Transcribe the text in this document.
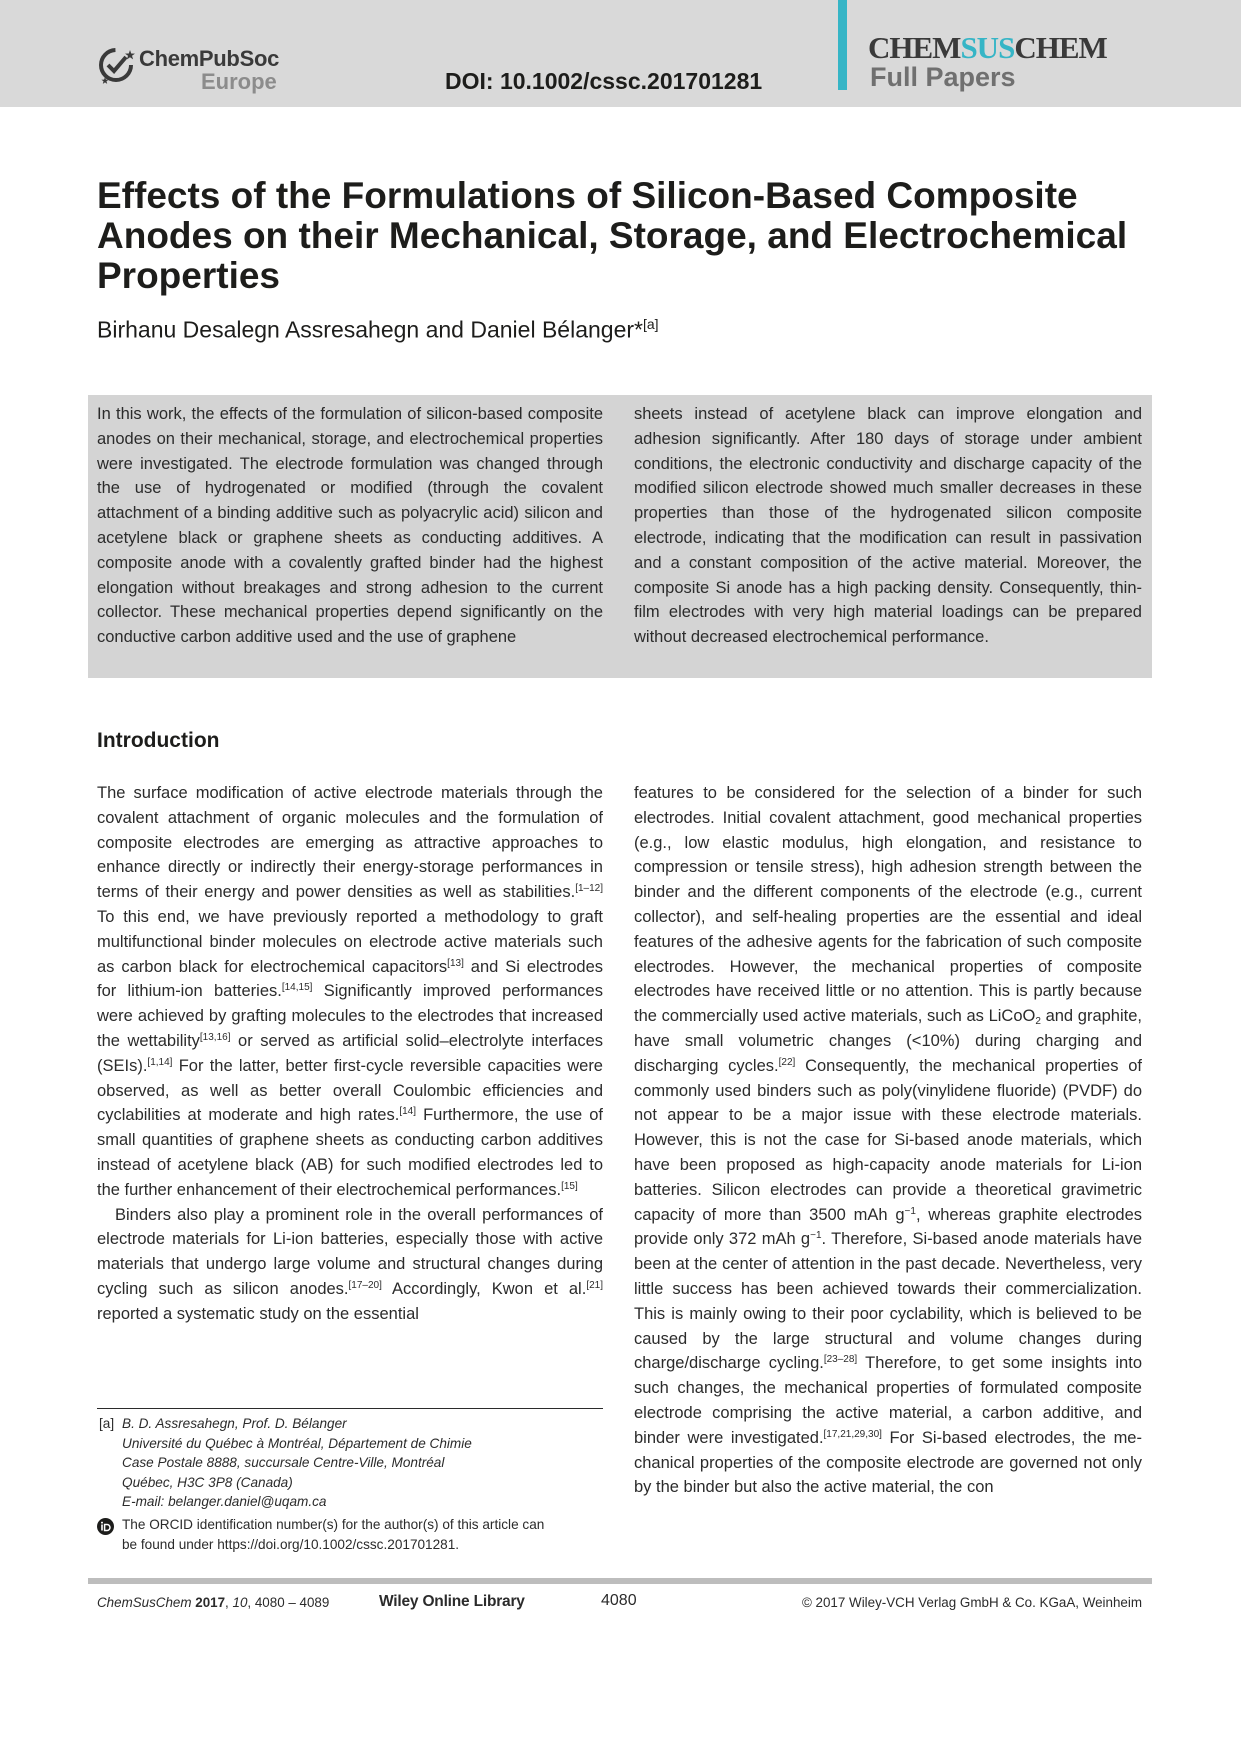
ChemPubSoc
Europe	DOI: 10.1002/cssc.201701281
CHEMSUSCHEM
Full Papers
Effects of the Formulations of Silicon-Based Composite Anodes on their Mechanical, Storage, and Electrochemical Properties
Birhanu Desalegn Assresahegn and Daniel Bélanger*[a]

In this work, the effects of the formulation of silicon-based composite anodes on their mechanical, storage, and electrochemical properties were investigated. The electrode formulation was changed through the use of hydrogenated or modified (through the covalent attachment of a binding additive such as polyacrylic acid) silicon and acetylene black or graphene sheets as conducting additives. A composite anode with a covalently grafted binder had the highest elongation without breakages and strong adhesion to the current collector. These mechanical properties depend significantly on the conductive carbon additive used and the use of graphene

sheets instead of acetylene black can improve elongation and adhesion significantly. After 180 days of storage under ambient conditions, the electronic conductivity and discharge capacity of the modified silicon electrode showed much smaller decreases in these properties than those of the hydrogenated silicon composite electrode, indicating that the modification can result in passivation and a constant composition of the active material. Moreover, the composite Si anode has a high packing density. Consequently, thin-film electrodes with very high material loadings can be prepared without decreased electrochemical performance.

Introduction

The surface modification of active electrode materials through the covalent attachment of organic molecules and the formulation of composite electrodes are emerging as attractive approaches to enhance directly or indirectly their energy-storage performances in terms of their energy and power densities as well as stabilities.[1–12] To this end, we have previously reported a methodology to graft multifunctional binder molecules on electrode active materials such as carbon black for electrochemical capacitors[13] and Si electrodes for lithium-ion batteries.[14,15] Significantly improved performances were achieved by grafting molecules to the electrodes that increased the wettability[13,16] or served as artificial solid–electrolyte interfaces (SEIs).[1,14] For the latter, better first-cycle reversible capacities were observed, as well as better overall Coulombic efficiencies and cyclabilities at moderate and high rates.[14] Furthermore, the use of small quantities of graphene sheets as conducting carbon additives instead of acetylene black (AB) for such modified electrodes led to the further enhancement of their electrochemical performances.[15]

Binders also play a prominent role in the overall performances of electrode materials for Li-ion batteries, especially those with active materials that undergo large volume and structural changes during cycling such as silicon anodes.[17–20] Accordingly, Kwon et al.[21] reported a systematic study on the essential

features to be considered for the selection of a binder for such electrodes. Initial covalent attachment, good mechanical properties (e.g., low elastic modulus, high elongation, and resistance to compression or tensile stress), high adhesion strength between the binder and the different components of the electrode (e.g., current collector), and self-healing properties are the essential and ideal features of the adhesive agents for the fabrication of such composite electrodes. However, the mechanical properties of composite electrodes have received little or no attention. This is partly because the commercially used active materials, such as LiCoO$_2$ and graphite, have small volumetric changes (<10%) during charging and discharging cycles.[22] Consequently, the mechanical properties of commonly used binders such as poly(vinylidene fluoride) (PVDF) do not appear to be a major issue with these electrode materials. However, this is not the case for Si-based anode materials, which have been proposed as high-capacity anode materials for Li-ion batteries. Silicon electrodes can provide a theoretical gravimetric capacity of more than 3500 mAh $g^{-1}$, whereas graphite electrodes provide only 372 mAh $g^{-1}$. Therefore, Si-based anode materials have been at the center of attention in the past decade. Nevertheless, very little success has been achieved towards their commercialization. This is mainly owing to their poor cyclability, which is believed to be caused by the large structural and volume changes during charge/discharge cycling.[23–28] Therefore, to get some insights into such changes, the mechanical properties of formulated composite electrode comprising the active material, a carbon additive, and binder were investigated.[17,21,29,30] For Si-based electrodes, the mechanical properties of the composite electrode are governed not only by the binder but also the active material, the con

[a] B. D. Assresahegn, Prof. D. Bélanger
Université du Québec à Montréal, Département de Chimie
Case Postale 8888, succursale Centre-Ville, Montréal
Québec, H3C 3P8 (Canada)
E-mail: belanger.daniel@uqam.ca
The ORCID identification number(s) for the author(s) of this article can
be found under https://doi.org/10.1002/cssc.201701281.
ChemSusChem 2017, 10, 4080 – 4089	Wiley Online Library	4080	© 2017 Wiley-VCH Verlag GmbH & Co. KGaA, Weinheim
